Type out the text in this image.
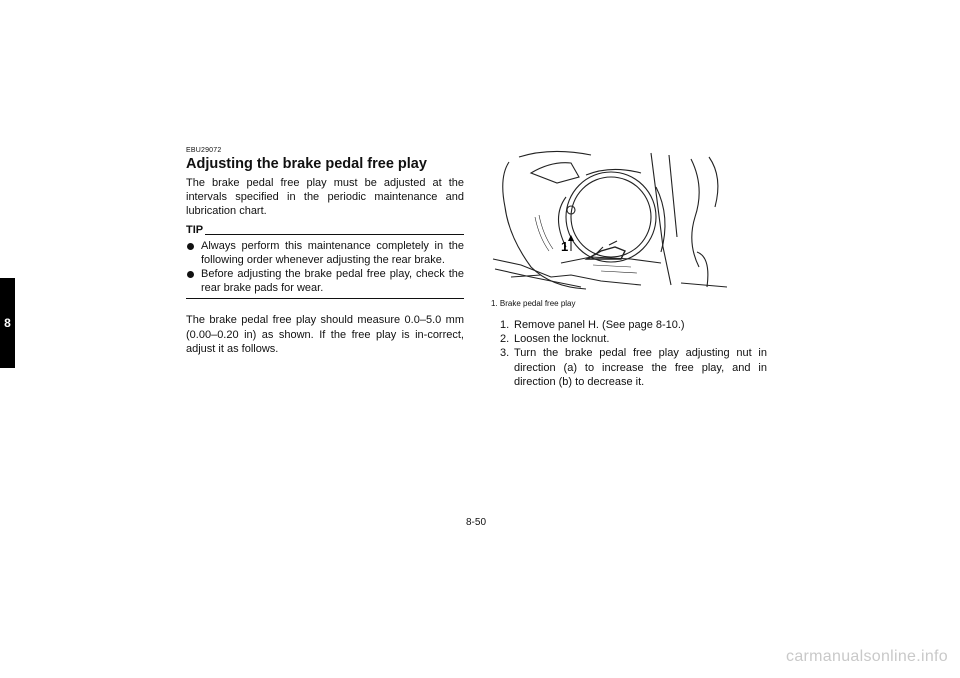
8
EBU29072
Adjusting the brake pedal free play

The brake pedal free play must be adjusted at the intervals specified in the periodic maintenance and lubrication chart.

TIP
Always perform this maintenance completely in the following order whenever adjusting the rear brake.
Before adjusting the brake pedal free play, check the rear brake pads for wear.

The brake pedal free play should measure 0.0–5.0 mm (0.00–0.20 in) as shown. If the free play is in-correct, adjust it as follows.

1
1. Brake pedal free play
1. Remove panel H. (See page 8-10.)
2. Loosen the locknut.
3. Turn the brake pedal free play adjusting nut in direction (a) to increase the free play, and in direction (b) to decrease it.
8-50
carmanualsonline.info
